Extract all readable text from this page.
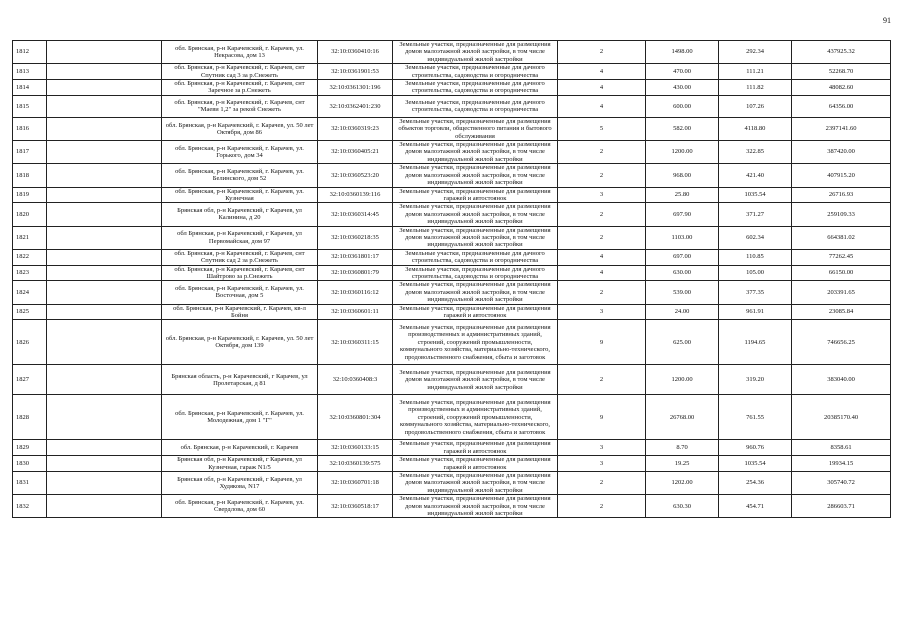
91
1812		обл. Брянская, р-н Карачевский, г. Карачев, ул. Некрасова, дом 13	32:10:0360410:16	Земельные участки, предназначенные для размещения домов малоэтажной жилой застройки, в том числе индивидуальной жилой застройки	2	1498.00	292.34	437925.32
1813		обл. Брянская, р-н Карачевский, г. Карачев, снт Спутник сад 3 за р.Снежеть	32:10:0361901:53	Земельные участки, предназначенные для дачного строительства, садоводства и огородничества	4	470.00	111.21	52268.70
1814		обл. Брянская, р-н Карачевский, г. Карачев, снт Заречное за р.Снежеть	32:10:0361301:196	Земельные участки, предназначенные для дачного строительства, садоводства и огородничества	4	430.00	111.82	48082.60
1815		обл. Брянская, р-н Карачевский, г. Карачев, снт "Маеви 1,2" за рекой Снежеть	32:10:0362401:230	Земельные участки, предназначенные для дачного строительства, садоводства и огородничества	4	600.00	107.26	64356.00
1816		обл. Брянская, р-н Карачевский, г. Карачев, ул. 50 лет Октября, дом 86	32:10:0360319:23	Земельные участки, предназначенные для размещения объектов торговли, общественного питания и бытового обслуживания	5	582.00	4118.80	2397141.60
1817		обл. Брянская, р-н Карачевский, г. Карачев, ул. Горького, дом 34	32:10:0360405:21	Земельные участки, предназначенные для размещения домов малоэтажной жилой застройки, в том числе индивидуальной жилой застройки	2	1200.00	322.85	387420.00
1818		обл. Брянская, р-н Карачевский, г. Карачев, ул. Белинского, дом 52	32:10:0360523:20	Земельные участки, предназначенные для размещения домов малоэтажной жилой застройки, в том числе индивидуальной жилой застройки	2	968.00	421.40	407915.20
1819		обл. Брянская, р-н Карачевский, г. Карачев, ул. Кузнечная	32:10:0360139:116	Земельные участки, предназначенные для размещения гаражей и автостоянок	3	25.80	1035.54	26716.93
1820		Брянская обл, р-н Карачевский, г Карачев, ул Калинина, д 20	32:10:0360314:45	Земельные участки, предназначенные для размещения домов малоэтажной жилой застройки, в том числе индивидуальной жилой застройки	2	697.90	371.27	259109.33
1821		обл Брянская, р-н Карачевский, г Карачев, ул Первомайская, дом 97	32:10:0360218:35	Земельные участки, предназначенные для размещения домов малоэтажной жилой застройки, в том числе индивидуальной жилой застройки	2	1103.00	602.34	664381.02
1822		обл. Брянская, р-н Карачевский, г. Карачев, снт Спутник сад 2 за р.Снежеть	32:10:0361801:17	Земельные участки, предназначенные для дачного строительства, садоводства и огородничества	4	697.00	110.85	77262.45
1823		обл. Брянская, р-н Карачевский, г. Карачев, снт Шайтрово за р.Снежеть	32:10:0360801:79	Земельные участки, предназначенные для дачного строительства, садоводства и огородничества	4	630.00	105.00	66150.00
1824		обл. Брянская, р-н Карачевский, г. Карачев, ул. Восточная, дом 5	32:10:0360116:12	Земельные участки, предназначенные для размещения домов малоэтажной жилой застройки, в том числе индивидуальной жилой застройки	2	539.00	377.35	203391.65
1825		обл. Брянская, р-н Карачевский, г. Карачев, кв-л Бойня	32:10:0360601:11	Земельные участки, предназначенные для размещения гаражей и автостоянок	3	24.00	961.91	23085.84
1826		обл. Брянская, р-н Карачевский, г. Карачев, ул. 50 лет Октября, дом 139	32:10:0360311:15	Земельные участки, предназначенные для размещения производственных и административных зданий, строений, сооружений промышленности, коммунального хозяйства, материально-технического, продовольственного снабжения, сбыта и заготовок	9	625.00	1194.65	746656.25
1827		Брянская область, р-н Карачевский, г Карачев, ул Пролетарская, д 81	32:10:0360408:3	Земельные участки, предназначенные для размещения домов малоэтажной жилой застройки, в том числе индивидуальной жилой застройки	2	1200.00	319.20	383040.00
1828		обл. Брянская, р-н Карачевский, г. Карачев, ул. Молодежная, дом 1 "Г"	32:10:0360801:304	Земельные участки, предназначенные для размещения производственных и административных зданий, строений, сооружений промышленности, коммунального хозяйства, материально-технического, продовольственного снабжения, сбыта и заготовок	9	26768.00	761.55	20385170.40
1829		обл. Брянская, р-н Карачевский, г. Карачев	32:10:0360133:15	Земельные участки, предназначенные для размещения гаражей и автостоянок	3	8.70	960.76	8358.61
1830		Брянская обл, р-н Карачевский, г Карачев, ул Кузнечная, гараж N1/5	32:10:0360139:575	Земельные участки, предназначенные для размещения гаражей и автостоянок	3	19.25	1035.54	19934.15
1831		Брянская обл, р-н Карачевский, г Карачев, ул Худякова, N17	32:10:0360701:18	Земельные участки, предназначенные для размещения домов малоэтажной жилой застройки, в том числе индивидуальной жилой застройки	2	1202.00	254.36	305740.72
1832		обл. Брянская, р-н Карачевский, г. Карачев, ул. Свердлова, дом 60	32:10:0360518:17	Земельные участки, предназначенные для размещения домов малоэтажной жилой застройки, в том числе индивидуальной жилой застройки	2	630.30	454.71	286603.71
